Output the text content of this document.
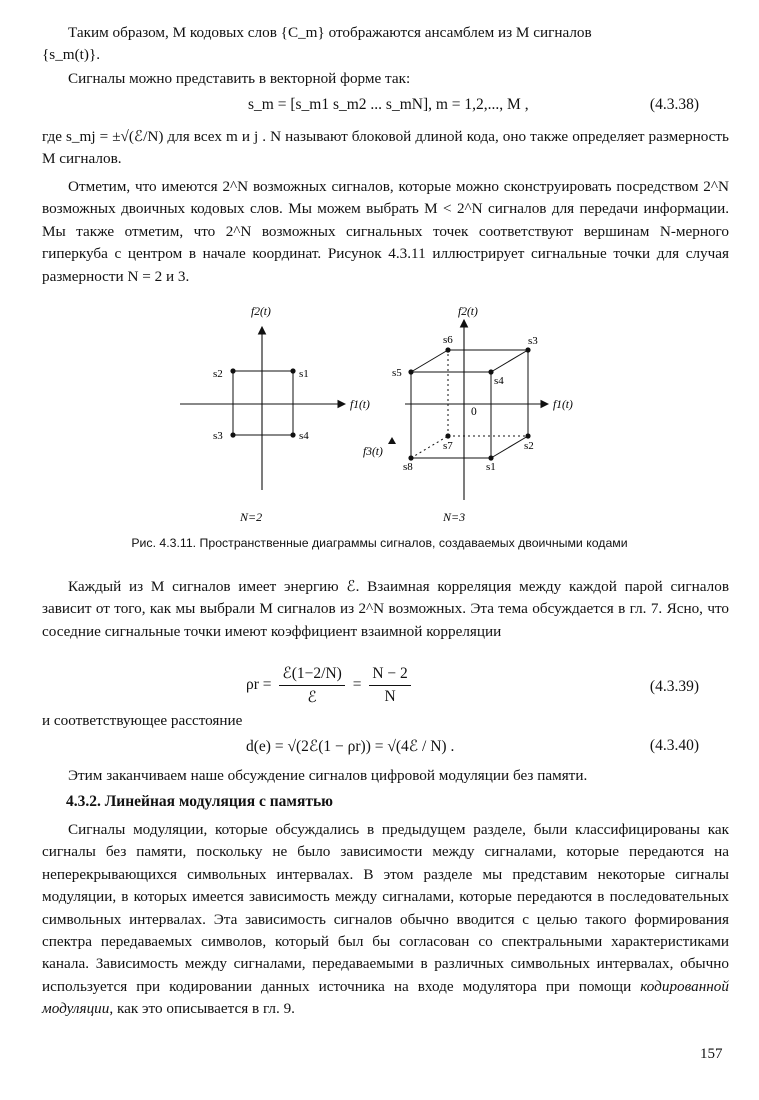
Таким образом, M кодовых слов {C_m} отображаются ансамблем из M сигналов

{s_m(t)}.

Сигналы можно представить в векторной форме так:

s_m = [s_m1 s_m2 ... s_mN], m = 1,2,..., M ,	(4.3.38)

где s_mj = ±√(ℰ/N) для всех m и j . N называют блоковой длиной кода, оно также определяет размерность M сигналов.

Отметим, что имеются 2^N возможных сигналов, которые можно сконструировать посредством 2^N возможных двоичных кодовых слов. Мы можем выбрать M < 2^N сигналов для передачи информации. Мы также отметим, что 2^N возможных сигнальных точек соответствуют вершинам N-мерного гиперкуба с центром в начале координат. Рисунок 4.3.11 иллюстрирует сигнальные точки для случая размерности N = 2 и 3.

s1
s2
s3	s4
f2(t)
f1(t)
N=2
s1
s2
s3
s4
s5
s6
s7
s8
0
f2(t)
f1(t)
f3(t)
N=3
Рис. 4.3.11. Пространственные диаграммы сигналов, создаваемых двоичными кодами

Каждый из M сигналов имеет энергию ℰ. Взаимная корреляция между каждой парой сигналов зависит от того, как мы выбрали M сигналов из 2^N возможных. Эта тема обсуждается в гл. 7. Ясно, что соседние сигнальные точки имеют коэффициент взаимной корреляции

$\rho r = \frac{\text{ℰ(1−2/N)}}{\text{ℰ}} = \frac{N - 2}{N}$	(4.3.39)

и соответствующее расстояние

d(e) = √(2ℰ(1 − ρr)) = √(4ℰ / N) .	(4.3.40)

Этим заканчиваем наше обсуждение сигналов цифровой модуляции без памяти.

4.3.2. Линейная модуляция с памятью

Сигналы модуляции, которые обсуждались в предыдущем разделе, были классифицированы как сигналы без памяти, поскольку не было зависимости между сигналами, которые передаются на неперекрывающихся символьных интервалах. В этом разделе мы представим некоторые сигналы модуляции, в которых имеется зависимость между сигналами, которые передаются в последовательных символьных интервалах. Эта зависимость сигналов обычно вводится с целью такого формирования спектра передаваемых символов, который был бы согласован со спектральными характеристиками канала. Зависимость между сигналами, передаваемыми в различных символьных интервалах, обычно используется при кодировании данных источника на входе модулятора при помощи кодированной модуляции, как это описывается в гл. 9.

157
